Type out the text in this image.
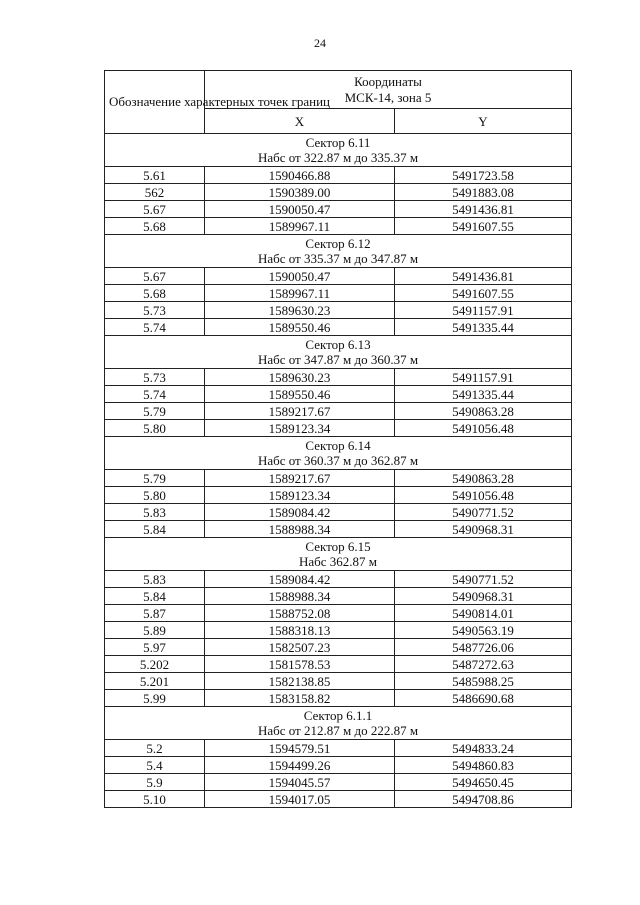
24
Обозначение характерных точек границ	Координаты
МСК-14, зона 5	

	X	Y

Сектор 6.11
Набс от 322.87 м до 335.37 м		

5.61	1590466.88	5491723.58
562	1590389.00	5491883.08
5.67	1590050.47	5491436.81
5.68	1589967.11	5491607.55

Сектор 6.12
Набс от 335.37 м до 347.87 м		

5.67	1590050.47	5491436.81
5.68	1589967.11	5491607.55
5.73	1589630.23	5491157.91
5.74	1589550.46	5491335.44

Сектор 6.13
Набс от 347.87 м до 360.37 м		

5.73	1589630.23	5491157.91
5.74	1589550.46	5491335.44
5.79	1589217.67	5490863.28
5.80	1589123.34	5491056.48

Сектор 6.14
Набс от 360.37 м до 362.87 м		

5.79	1589217.67	5490863.28
5.80	1589123.34	5491056.48
5.83	1589084.42	5490771.52
5.84	1588988.34	5490968.31

Сектор 6.15
Набс 362.87 м		

5.83	1589084.42	5490771.52
5.84	1588988.34	5490968.31
5.87	1588752.08	5490814.01
5.89	1588318.13	5490563.19
5.97	1582507.23	5487726.06
5.202	1581578.53	5487272.63
5.201	1582138.85	5485988.25
5.99	1583158.82	5486690.68

Сектор 6.1.1
Набс от 212.87 м до 222.87 м		

5.2	1594579.51	5494833.24
5.4	1594499.26	5494860.83
5.9	1594045.57	5494650.45
5.10	1594017.05	5494708.86
